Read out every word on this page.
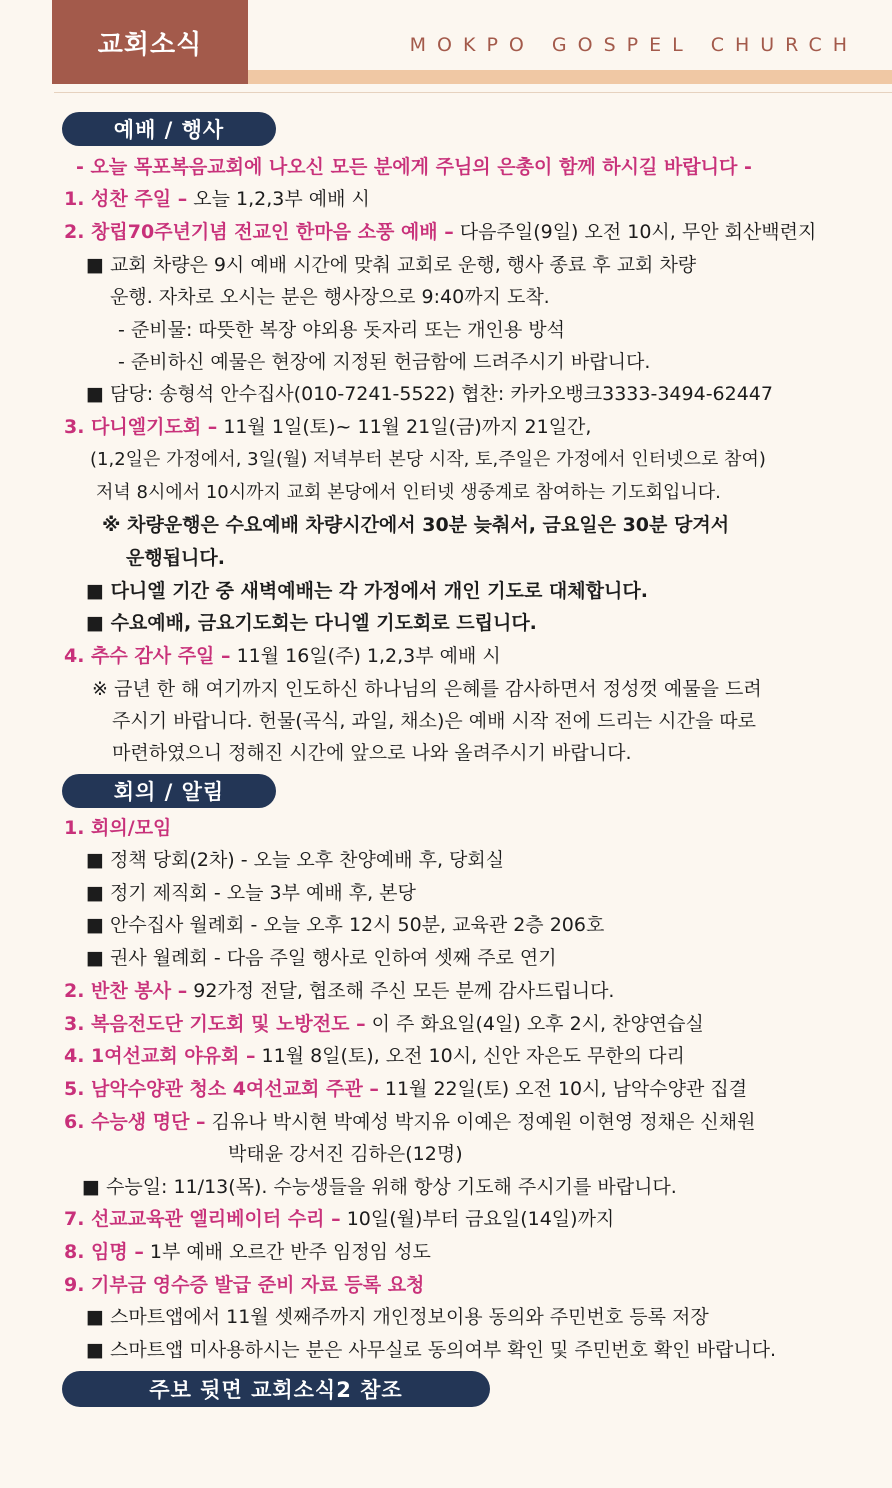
교회소식	MOKPO GOSPEL CHURCH
예배 / 행사
- 오늘 목포복음교회에 나오신 모든 분에게 주님의 은총이 함께 하시길 바랍니다 -
1. 성찬 주일 – 오늘 1,2,3부 예배 시
2. 창립70주년기념 전교인 한마음 소풍 예배 – 다음주일(9일) 오전 10시, 무안 회산백련지
■ 교회 차량은 9시 예배 시간에 맞춰 교회로 운행, 행사 종료 후 교회 차량
운행. 자차로 오시는 분은 행사장으로 9:40까지 도착.
- 준비물: 따뜻한 복장 야외용 돗자리 또는 개인용 방석
- 준비하신 예물은 현장에 지정된 헌금함에 드려주시기 바랍니다.
■ 담당: 송형석 안수집사(010-7241-5522) 협찬: 카카오뱅크3333-3494-62447
3. 다니엘기도회 – 11월 1일(토)~ 11월 21일(금)까지 21일간,
(1,2일은 가정에서, 3일(월) 저녁부터 본당 시작, 토,주일은 가정에서 인터넷으로 참여)
저녁 8시에서 10시까지 교회 본당에서 인터넷 생중계로 참여하는 기도회입니다.
※ 차량운행은 수요예배 차량시간에서 30분 늦춰서, 금요일은 30분 당겨서
운행됩니다.
■ 다니엘 기간 중 새벽예배는 각 가정에서 개인 기도로 대체합니다.
■ 수요예배, 금요기도회는 다니엘 기도회로 드립니다.
4. 추수 감사 주일 – 11월 16일(주) 1,2,3부 예배 시
※ 금년 한 해 여기까지 인도하신 하나님의 은혜를 감사하면서 정성껏 예물을 드려
주시기 바랍니다. 헌물(곡식, 과일, 채소)은 예배 시작 전에 드리는 시간을 따로
마련하였으니 정해진 시간에 앞으로 나와 올려주시기 바랍니다.
회의 / 알림
1. 회의/모임
■ 정책 당회(2차) - 오늘 오후 찬양예배 후, 당회실
■ 정기 제직회 - 오늘 3부 예배 후, 본당
■ 안수집사 월례회 - 오늘 오후 12시 50분, 교육관 2층 206호
■ 권사 월례회 - 다음 주일 행사로 인하여 셋째 주로 연기
2. 반찬 봉사 – 92가정 전달, 협조해 주신 모든 분께 감사드립니다.
3. 복음전도단 기도회 및 노방전도 – 이 주 화요일(4일) 오후 2시, 찬양연습실
4. 1여선교회 야유회 – 11월 8일(토), 오전 10시, 신안 자은도 무한의 다리
5. 남악수양관 청소 4여선교회 주관 – 11월 22일(토) 오전 10시, 남악수양관 집결
6. 수능생 명단 – 김유나 박시현 박예성 박지유 이예은 정예원 이현영 정채은 신채원
박태윤 강서진 김하은(12명)
■ 수능일: 11/13(목). 수능생들을 위해 항상 기도해 주시기를 바랍니다.
7. 선교교육관 엘리베이터 수리 – 10일(월)부터 금요일(14일)까지
8. 임명 – 1부 예배 오르간 반주 임정임 성도
9. 기부금 영수증 발급 준비 자료 등록 요청
■ 스마트앱에서 11월 셋째주까지 개인정보이용 동의와 주민번호 등록 저장
■ 스마트앱 미사용하시는 분은 사무실로 동의여부 확인 및 주민번호 확인 바랍니다.
주보 뒷면 교회소식2 참조
